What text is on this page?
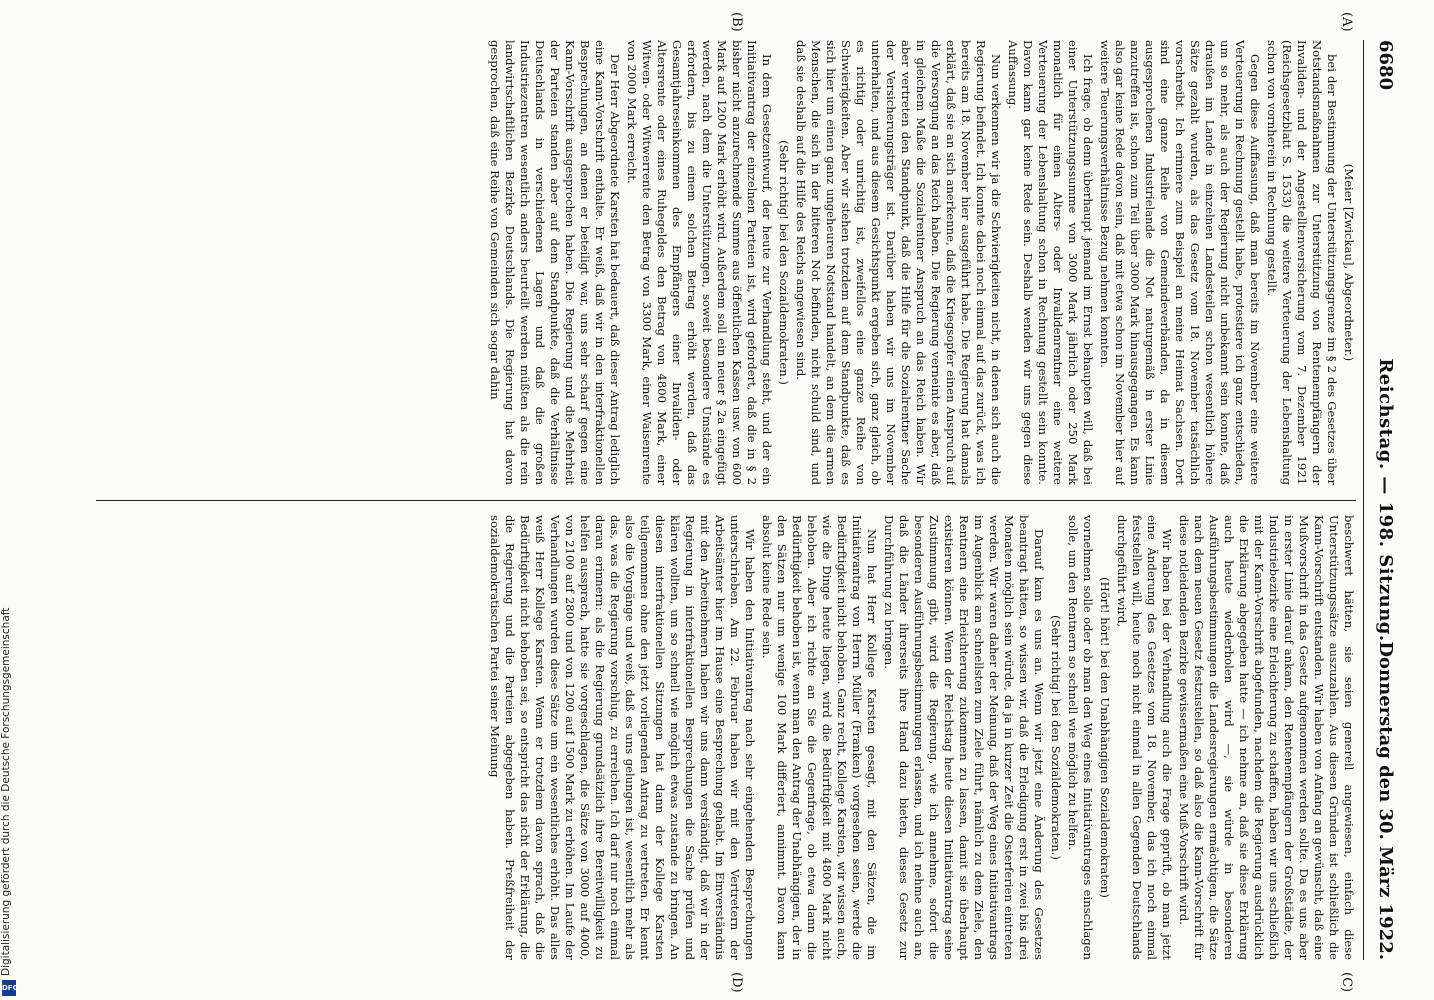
6680
Reichstag. — 198. Sitzung.
Donnerstag den 30. März 1922.
(A)
(B)
(C)
(D)

(Meier [Zwickau], Abgeordneter.)

bei der Bestimmung der Unterstützungsgrenze im § 2 des Gesetzes über Notstandsmaßnahmen zur Unterstützung von Rentenempfängern der Invaliden- und der Angestelltenversicherung vom 7. Dezember 1921 (Reichsgesetzblatt S. 1533) die weitere Verteuerung der Lebenshaltung schon von vornherein in Rechnung gestellt.

Gegen diese Auffassung, daß man bereits im November eine weitere Verteuerung in Rechnung gestellt habe, protestiere ich ganz entschieden, um so mehr, als auch der Regierung nicht unbekannt sein konnte, daß draußen im Lande in einzelnen Landesteilen schon wesentlich höhere Sätze gezahlt wurden, als das Gesetz vom 18. November tatsächlich vorschreibt. Ich erinnere zum Beispiel an meine Heimat Sachsen. Dort sind eine ganze Reihe von Gemeindeverbänden, da in diesem ausgesprochenen Industrielande die Not naturgemäß in erster Linie anzutreffen ist, schon zum Teil über 3000 Mark hinausgegangen. Es kann also gar keine Rede davon sein, daß mit etwa schon im November hier auf weitere Teuerungsverhältnisse Bezug nehmen konnten.

Ich frage, ob denn überhaupt jemand im Ernst behaupten will, daß bei einer Unterstützungssumme von 3000 Mark jährlich oder 250 Mark monatlich für einen Alters- oder Invalidenrentner eine weitere Verteuerung der Lebenshaltung schon in Rechnung gestellt sein konnte. Davon kann gar keine Rede sein. Deshalb wenden wir uns gegen diese Auffassung.

Nun verkennen wir ja die Schwierigkeiten nicht, in denen sich auch die Regierung befindet. Ich konnte dabei noch einmal auf das zurück, was ich bereits am 18. November hier ausgeführt habe. Die Regierung hat damals erklärt, daß sie an sich anerkenne, daß die Kriegsopfer einen Anspruch auf die Versorgung an das Reich haben. Die Regierung verneinte es aber, daß in gleichem Maße die Sozialrentner Anspruch an das Reich haben. Wir aber vertreten den Standpunkt, daß die Hilfe für die Sozialrentner Sache der Versicherungsträger ist. Darüber haben wir uns im November unterhalten, und aus diesem Gesichtspunkt ergeben sich, ganz gleich, ob es richtig oder unrichtig ist, zweifellos eine ganze Reihe von Schwierigkeiten. Aber wir stehen trotzdem auf dem Standpunkte, daß es sich hier um einen ganz ungeheuren Notstand handelt, an dem die armen Menschen, die sich in der bitteren Not befinden, nicht schuld sind, und daß sie deshalb auf die Hilfe des Reichs angewiesen sind.

(Sehr richtig! bei den Sozialdemokraten.)

In dem Gesetzentwurf, der heute zur Verhandlung steht, und der ein Initiativantrag der einzelnen Parteien ist, wird gefordert, daß die in § 2 bisher nicht anzurechnende Summe aus öffentlichen Kassen usw. von 600 Mark auf 1200 Mark erhöht wird. Außerdem soll ein neuer § 2a eingefügt werden, nach dem die Unterstützungen, soweit besondere Umstände es erfordern, bis zu einem solchen Betrag erhöht werden, daß das Gesamtjahreseinkommen des Empfängers einer Invaliden- oder Altersrente oder eines Ruhegeldes den Betrag von 4800 Mark, einer Witwen- oder Witwerrente den Betrag von 3300 Mark, einer Waisenrente von 2000 Mark erreicht.

Der Herr Abgeordnete Karsten hat bedauert, daß dieser Antrag lediglich eine Kann-Vorschrift enthalte. Er weiß, daß wir in den interfraktionellen Besprechungen, an denen er beteiligt war, uns sehr scharf gegen eine Kann-Vorschrift ausgesprochen haben. Die Regierung und die Mehrheit der Parteien standen aber auf dem Standpunkte, daß die Verhältnisse Deutschlands in verschiedenen Lagen und daß die großen Industriezentren wesentlich anders beurteilt werden müßten als die rein landwirtschaftlichen Bezirke Deutschlands. Die Regierung hat davon gesprochen, daß eine Reihe von Gemeinden sich sogar dahin

beschwert hätten, sie seien generell angewiesen, einfach diese Unterstützungssätze auszuzahlen. Aus diesen Gründen ist schließlich die Kann-Vorschrift entstanden. Wir haben von Anfang an gewünscht, daß eine Mußvorschrift in das Gesetz aufgenommen werden sollte. Da es uns aber in erster Linie darauf ankam, den Rentenempfängern der Großstädte, der Industriebezirke eine Erleichterung zu schaffen, haben wir uns schließlich mit der Kann-Vorschrift abgefunden, nachdem die Regierung ausdrücklich die Erklärung abgegeben hatte — ich nehme an, daß sie diese Erklärung auch heute wiederholen wird —, sie würde in besonderen Ausführungsbestimmungen die Landesregierungen ermächtigen, die Sätze nach dem neuen Gesetz festzustellen, so daß also die Kann-Vorschrift für diese notleidenden Bezirke gewissermaßen eine Muß-Vorschrift wird.

Wir haben bei der Verhandlung auch die Frage geprüft, ob man jetzt eine Änderung des Gesetzes vom 18. November, das ich noch einmal feststellen will, heute noch nicht einmal in allen Gegenden Deutschlands durchgeführt wird,

(Hört! hört! bei den Unabhängigen Sozialdemokraten)

vornehmen solle oder ob man den Weg eines Initiativantrages einschlagen solle, um den Rentnern so schnell wie möglich zu helfen.

(Sehr richtig! bei den Sozialdemokraten.)

Darauf kam es uns an. Wenn wir jetzt eine Änderung des Gesetzes beantragt hätten, so wissen wir, daß die Erledigung erst in zwei bis drei Monaten möglich sein würde, da ja in kurzer Zeit die Osterferien eintreten werden. Wir waren daher der Meinung, daß der Weg eines Initiativantrags im Augenblick am schnellsten zum Ziele führt, nämlich zu dem Ziele, den Rentnern eine Erleichterung zukommen zu lassen, damit sie überhaupt existieren können. Wenn der Reichstag heute diesen Initiativantrag seine Zustimmung gibt, wird die Regierung, wie ich annehme, sofort die besonderen Ausführungsbestimmungen erlassen, und ich nehme auch an, daß die Länder ihrerseits ihre Hand dazu bieten, dieses Gesetz zur Durchführung zu bringen.

Nun hat Herr Kollege Karsten gesagt, mit den Sätzen, die im Initiativantrag von Herrn Müller (Franken) vorgesehen seien, werde die Bedürftigkeit nicht behoben. Ganz recht, Kollege Karsten, wir wissen auch, wie die Dinge heute liegen, wird die Bedürftigkeit mit 4800 Mark nicht behoben. Aber ich richte an Sie die Gegenfrage, ob etwa dann die Bedürftigkeit behoben ist, wenn man den Antrag der Unabhängigen, der in den Sätzen nur um wenige 100 Mark differiert, annimmt. Davon kann absolut keine Rede sein.

Wir haben den Initiativantrag nach sehr eingehenden Besprechungen unterschrieben. Am 22. Februar haben wir mit den Vertretern der Arbeitsämter hier im Hause eine Besprechung gehabt. Im Einverständnis mit den Arbeitnehmern haben wir uns dann verständigt, daß wir in der Regierung in interfraktionellen Besprechungen die Sache prüfen und klären wollten, um so schnell wie möglich etwas zustande zu bringen. An diesen interfraktionellen Sitzungen hat dann der Kollege Karsten teilgenommen ohne den jetzt vorliegenden Antrag zu vertreten. Er kennt also die Vorgänge und weiß, daß es uns gelungen ist, wesentlich mehr als das, was die Regierung vorschlug, zu erreichen. Ich darf nur noch einmal daran erinnern: als die Regierung grundsätzlich ihre Bereitwilligkeit zu helfen aussprach, hatte sie vorgeschlagen, die Sätze von 3000 auf 4000, von 2100 auf 2800 und von 1200 auf 1500 Mark zu erhöhen. Im Laufe der Verhandlungen wurden diese Sätze um ein wesentliches erhöht. Das alles weiß Herr Kollege Karsten. Wenn er trotzdem davon sprach, daß die Bedürftigkeit nicht behoben sei, so entspricht das nicht der Erklärung, die die Regierung und die Parteien abgegeben haben. Preßfreiheit der sozialdemokratischen Partei seiner Meinung

Digitalisierung gefördert durch die Deutsche Forschungsgemeinschaft
DFG
